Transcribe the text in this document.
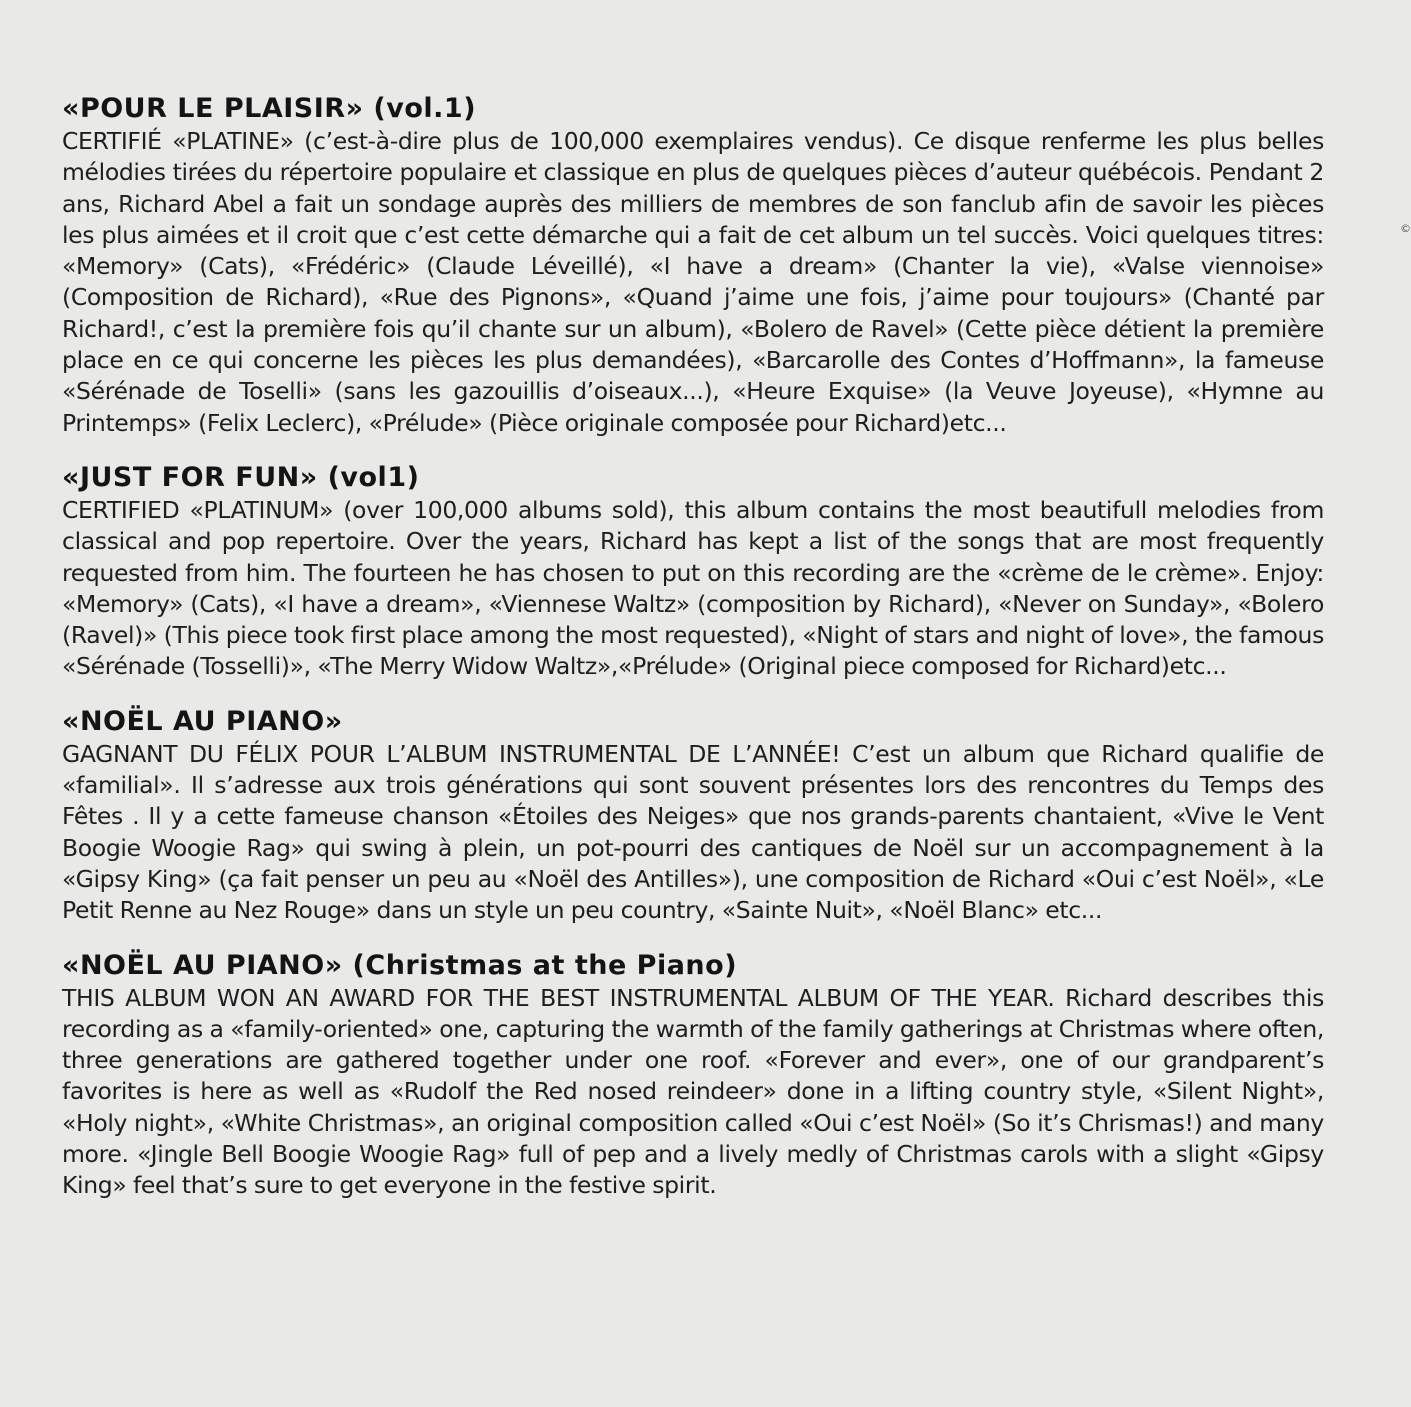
«POUR LE PLAISIR» (vol.1)

CERTIFIÉ «PLATINE» (c’est-à-dire plus de 100,000 exemplaires vendus). Ce disque renferme les plus belles mélodies tirées du répertoire populaire et classique en plus de quelques pièces d’auteur québécois. Pendant 2 ans, Richard Abel a fait un sondage auprès des milliers de membres de son fanclub afin de savoir les pièces les plus aimées et il croit que c’est cette démarche qui a fait de cet album un tel succès. Voici quelques titres: «Memory» (Cats), «Frédéric» (Claude Léveillé), «I have a dream» (Chanter la vie), «Valse viennoise» (Composition de Richard), «Rue des Pignons», «Quand j’aime une fois, j’aime pour toujours» (Chanté par Richard!, c’est la première fois qu’il chante sur un album), «Bolero de Ravel» (Cette pièce détient la première place en ce qui concerne les pièces les plus demandées), «Barcarolle des Contes d’Hoffmann», la fameuse «Sérénade de Toselli» (sans les gazouillis d’oiseaux...), «Heure Exquise» (la Veuve Joyeuse), «Hymne au Printemps» (Felix Leclerc), «Prélude» (Pièce originale composée pour Richard)etc...

«JUST FOR FUN» (vol1)

CERTIFIED «PLATINUM» (over 100,000 albums sold), this album contains the most beautifull melodies from classical and pop repertoire. Over the years, Richard has kept a list of the songs that are most frequently requested from him. The fourteen he has chosen to put on this recording are the «crème de le crème». Enjoy: «Memory» (Cats), «I have a dream», «Viennese Waltz» (composition by Richard), «Never on Sunday», «Bolero (Ravel)» (This piece took first place among the most requested), «Night of stars and night of love», the famous «Sérénade (Tosselli)», «The Merry Widow Waltz»,«Prélude» (Original piece composed for Richard)etc...

«NOËL AU PIANO»

GAGNANT DU FÉLIX POUR L’ALBUM INSTRUMENTAL DE L’ANNÉE! C’est un album que Richard qualifie de «familial». Il s’adresse aux trois générations qui sont souvent présentes lors des rencontres du Temps des Fêtes . Il y a cette fameuse chanson «Étoiles des Neiges» que nos grands-parents chantaient, «Vive le Vent Boogie Woogie Rag» qui swing à plein, un pot-pourri des cantiques de Noël sur un accompagnement à la «Gipsy King» (ça fait penser un peu au «Noël des Antilles»), une composition de Richard «Oui c’est Noël», «Le Petit Renne au Nez Rouge» dans un style un peu country, «Sainte Nuit», «Noël Blanc» etc...

«NOËL AU PIANO» (Christmas at the Piano)

THIS ALBUM WON AN AWARD FOR THE BEST INSTRUMENTAL ALBUM OF THE YEAR. Richard describes this recording as a «family-oriented» one, capturing the warmth of the family gatherings at Christmas where often, three generations are gathered together under one roof. «Forever and ever», one of our grandparent’s favorites is here as well as «Rudolf the Red nosed reindeer» done in a lifting country style, «Silent Night», «Holy night», «White Christmas», an original composition called «Oui c’est Noël» (So it’s Chrismas!) and many more. «Jingle Bell Boogie Woogie Rag» full of pep and a lively medly of Christmas carols with a slight «Gipsy King» feel that’s sure to get everyone in the festive spirit.

©
